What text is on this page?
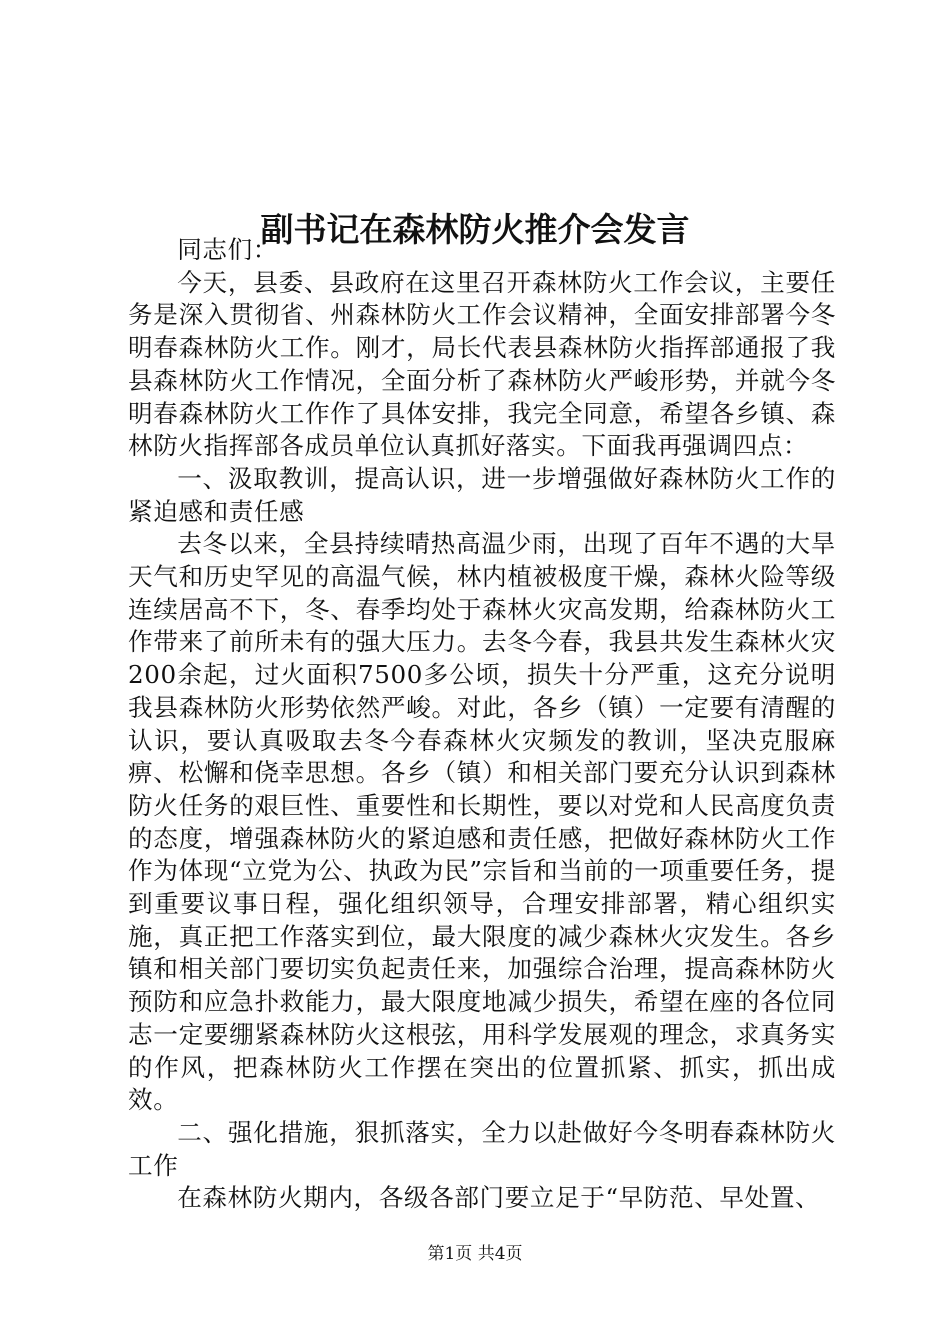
副书记在森林防火推介会发言

同志们：

今天，县委、县政府在这里召开森林防火工作会议，主要任务是深入贯彻省、州森林防火工作会议精神，全面安排部署今冬明春森林防火工作。刚才，局长代表县森林防火指挥部通报了我县森林防火工作情况，全面分析了森林防火严峻形势，并就今冬明春森林防火工作作了具体安排，我完全同意，希望各乡镇、森林防火指挥部各成员单位认真抓好落实。下面我再强调四点：

一、汲取教训，提高认识，进一步增强做好森林防火工作的紧迫感和责任感

去冬以来，全县持续晴热高温少雨，出现了百年不遇的大旱天气和历史罕见的高温气候，林内植被极度干燥，森林火险等级连续居高不下，冬、春季均处于森林火灾高发期，给森林防火工作带来了前所未有的强大压力。去冬今春，我县共发生森林火灾200余起，过火面积7500多公顷，损失十分严重，这充分说明我县森林防火形势依然严峻。对此，各乡（镇）一定要有清醒的认识，要认真吸取去冬今春森林火灾频发的教训，坚决克服麻痹、松懈和侥幸思想。各乡（镇）和相关部门要充分认识到森林防火任务的艰巨性、重要性和长期性，要以对党和人民高度负责的态度，增强森林防火的紧迫感和责任感，把做好森林防火工作作为体现“立党为公、执政为民”宗旨和当前的一项重要任务，提到重要议事日程，强化组织领导，合理安排部署，精心组织实施，真正把工作落实到位，最大限度的减少森林火灾发生。各乡镇和相关部门要切实负起责任来，加强综合治理，提高森林防火预防和应急扑救能力，最大限度地减少损失，希望在座的各位同志一定要绷紧森林防火这根弦，用科学发展观的理念，求真务实的作风，把森林防火工作摆在突出的位置抓紧、抓实，抓出成效。

二、强化措施，狠抓落实，全力以赴做好今冬明春森林防火工作

在森林防火期内，各级各部门要立足于“早防范、早处置、

第1页 共4页
